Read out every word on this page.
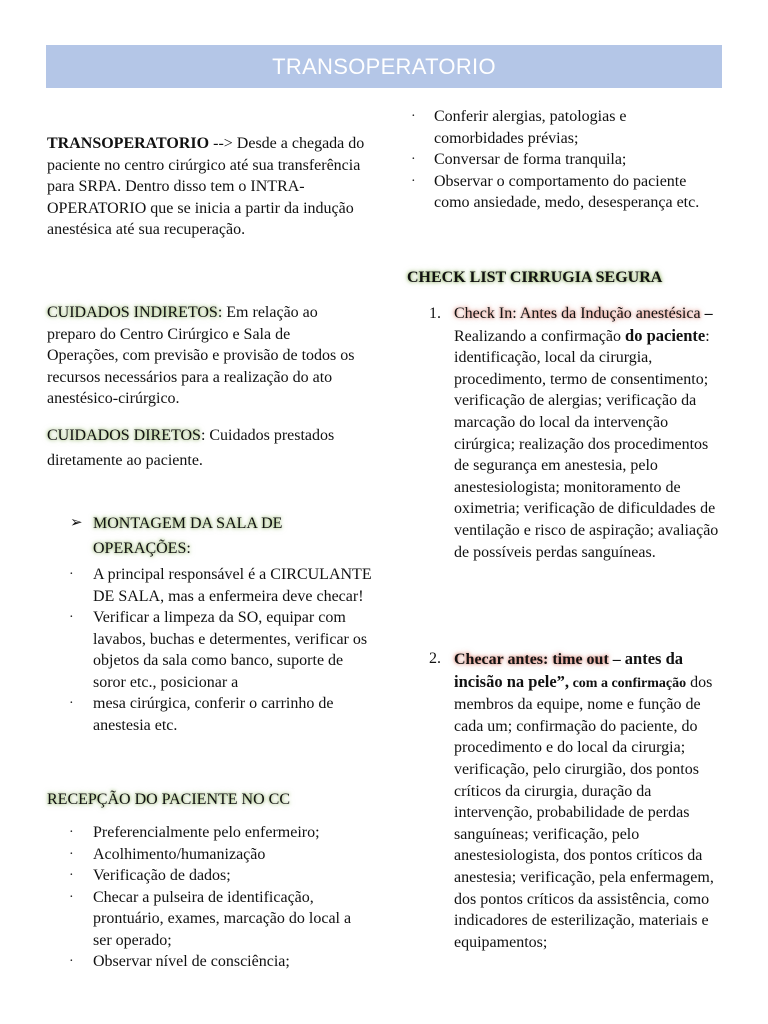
TRANSOPERATORIO

TRANSOPERATORIO --> Desde a chegada do paciente no centro cirúrgico até sua transferência para SRPA. Dentro disso tem o INTRA-OPERATORIO que se inicia a partir da indução anestésica até sua recuperação.

CUIDADOS INDIRETOS: Em relação ao preparo do Centro Cirúrgico e Sala de Operações, com previsão e provisão de todos os recursos necessários para a realização do ato anestésico-cirúrgico.

CUIDADOS DIRETOS: Cuidados prestados diretamente ao paciente.

➢ MONTAGEM DA SALA DE OPERAÇÕES:
· A principal responsável é a CIRCULANTE DE SALA, mas a enfermeira deve checar!
· Verificar a limpeza da SO, equipar com lavabos, buchas e determentes, verificar os objetos da sala como banco, suporte de soror etc., posicionar a
· mesa cirúrgica, conferir o carrinho de anestesia etc.

RECEPÇÃO DO PACIENTE NO CC

· Preferencialmente pelo enfermeiro;
· Acolhimento/humanização
· Verificação de dados;
· Checar a pulseira de identificação, prontuário, exames, marcação do local a ser operado;
· Observar nível de consciência;
· Conferir alergias, patologias e comorbidades prévias;
· Conversar de forma tranquila;
· Observar o comportamento do paciente como ansiedade, medo, desesperança etc.

CHECK LIST CIRRUGIA SEGURA

1. Check In: Antes da Indução anestésica – Realizando a confirmação do paciente: identificação, local da cirurgia, procedimento, termo de consentimento; verificação de alergias; verificação da marcação do local da intervenção cirúrgica; realização dos procedimentos de segurança em anestesia, pelo anestesiologista; monitoramento de oximetria; verificação de dificuldades de ventilação e risco de aspiração; avaliação de possíveis perdas sanguíneas.
2. Checar antes: time out – antes da incisão na pele”, com a confirmação dos membros da equipe, nome e função de cada um; confirmação do paciente, do procedimento e do local da cirurgia; verificação, pelo cirurgião, dos pontos críticos da cirurgia, duração da intervenção, probabilidade de perdas sanguíneas; verificação, pelo anestesiologista, dos pontos críticos da anestesia; verificação, pela enfermagem, dos pontos críticos da assistência, como indicadores de esterilização, materiais e equipamentos;
